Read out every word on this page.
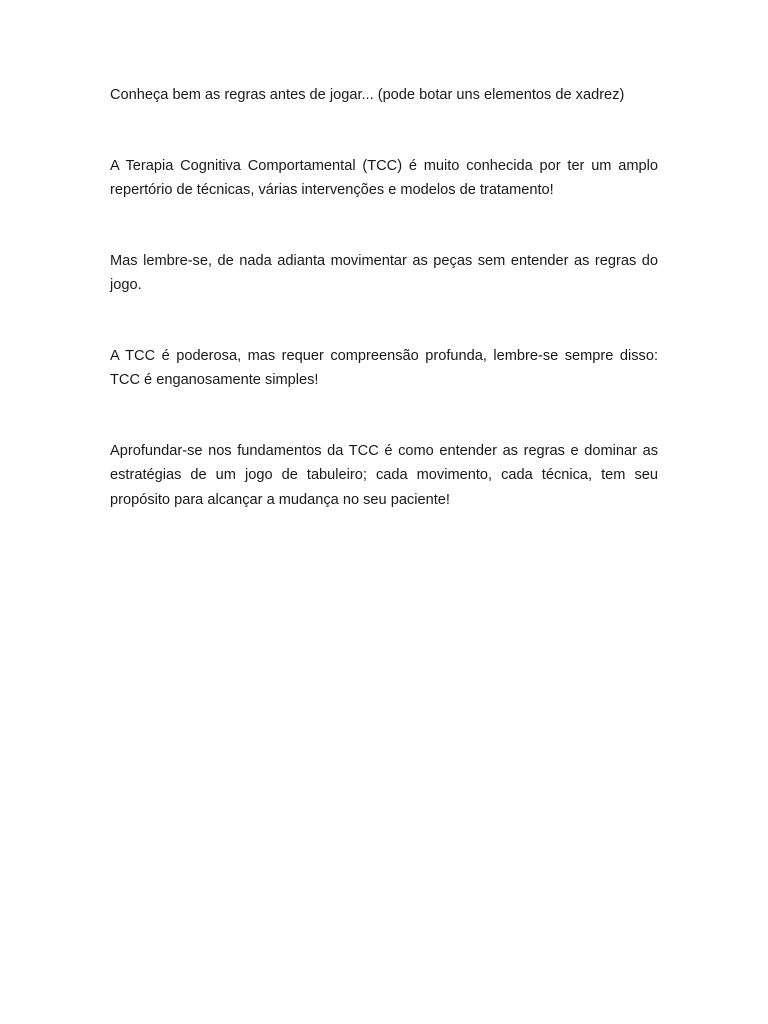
Conheça bem as regras antes de jogar... (pode botar uns elementos de xadrez)

A Terapia Cognitiva Comportamental (TCC) é muito conhecida por ter um amplo repertório de técnicas, várias intervenções e modelos de tratamento!

Mas lembre-se, de nada adianta movimentar as peças sem entender as regras do jogo.

A TCC é poderosa, mas requer compreensão profunda, lembre-se sempre disso: TCC é enganosamente simples!

Aprofundar-se nos fundamentos da TCC é como entender as regras e dominar as estratégias de um jogo de tabuleiro; cada movimento, cada técnica, tem seu propósito para alcançar a mudança no seu paciente!
